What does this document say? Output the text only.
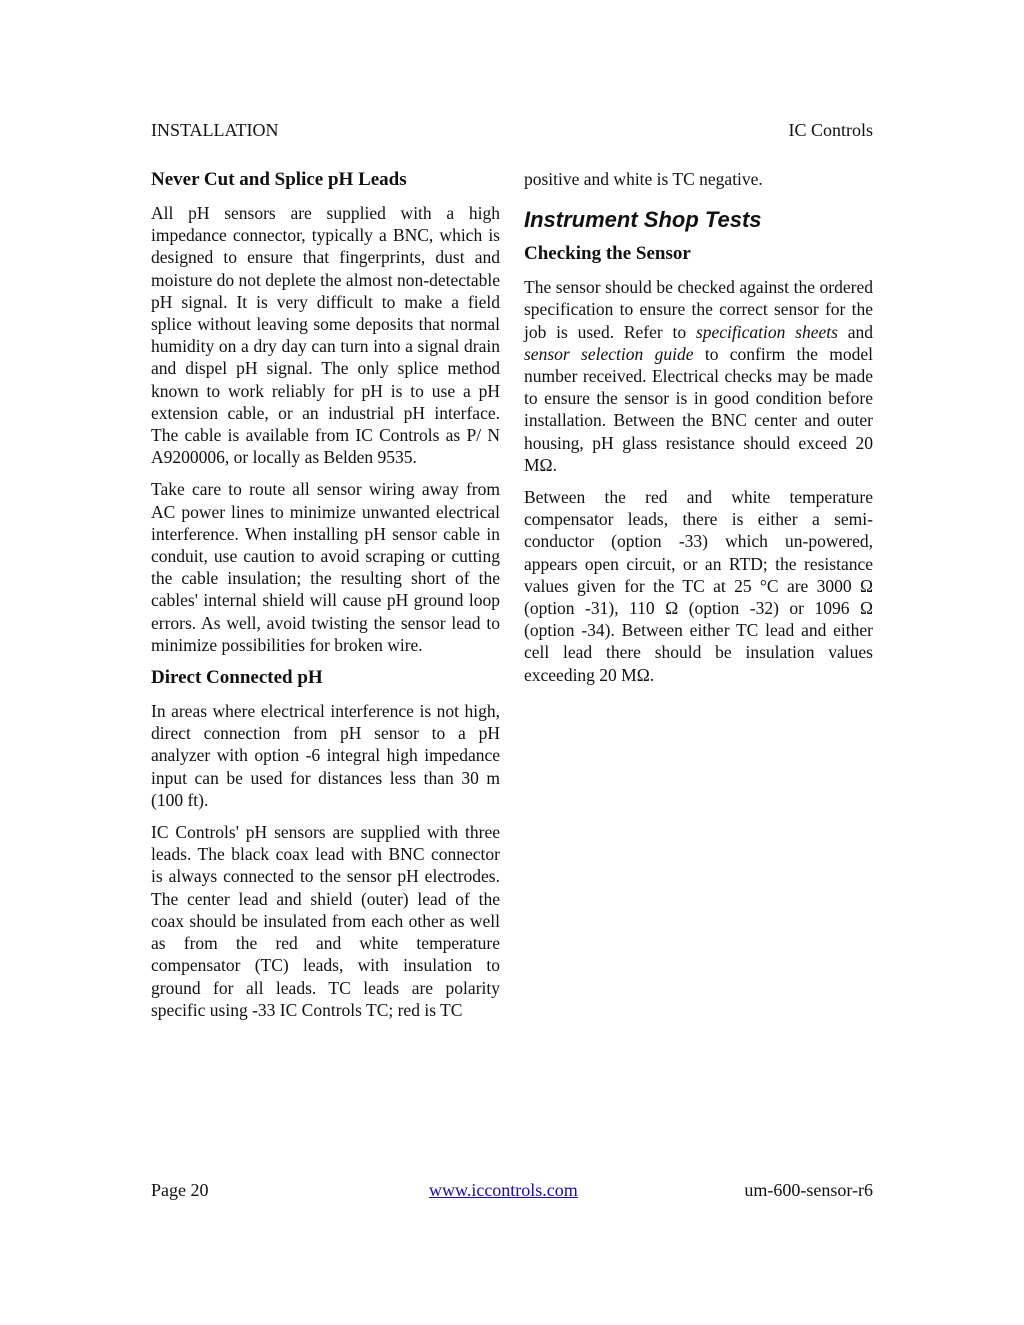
INSTALLATION	IC Controls
Never Cut and Splice pH Leads

All pH sensors are supplied with a high impedance connector, typically a BNC, which is designed to ensure that fingerprints, dust and moisture do not deplete the almost non-detectable pH signal. It is very difficult to make a field splice without leaving some deposits that normal humidity on a dry day can turn into a signal drain and dispel pH signal. The only splice method known to work reliably for pH is to use a pH extension cable, or an industrial pH interface. The cable is available from IC Controls as P/ N A9200006, or locally as Belden 9535.

Take care to route all sensor wiring away from AC power lines to minimize unwanted electrical interference. When installing pH sensor cable in conduit, use caution to avoid scraping or cutting the cable insulation; the resulting short of the cables' internal shield will cause pH ground loop errors. As well, avoid twisting the sensor lead to minimize possibilities for broken wire.

Direct Connected pH

In areas where electrical interference is not high, direct connection from pH sensor to a pH analyzer with option -6 integral high impedance input can be used for distances less than 30 m (100 ft).

IC Controls' pH sensors are supplied with three leads. The black coax lead with BNC connector is always connected to the sensor pH electrodes. The center lead and shield (outer) lead of the coax should be insulated from each other as well as from the red and white temperature compensator (TC) leads, with insulation to ground for all leads. TC leads are polarity specific using -33 IC Controls TC; red is TC

positive and white is TC negative.

Instrument Shop Tests
Checking the Sensor

The sensor should be checked against the ordered specification to ensure the correct sensor for the job is used. Refer to specification sheets and sensor selection guide to confirm the model number received. Electrical checks may be made to ensure the sensor is in good condition before installation. Between the BNC center and outer housing, pH glass resistance should exceed 20 MΩ.

Between the red and white temperature compensator leads, there is either a semi-conductor (option -33) which un-powered, appears open circuit, or an RTD; the resistance values given for the TC at 25 °C are 3000 Ω (option -31), 110 Ω (option -32) or 1096 Ω (option -34). Between either TC lead and either cell lead there should be insulation values exceeding 20 MΩ.

Page 20	www.iccontrols.com	um-600-sensor-r6
